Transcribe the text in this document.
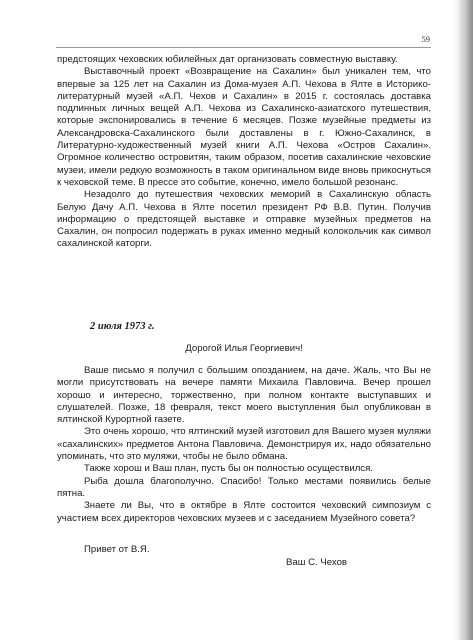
59

предстоящих чеховских юбилейных дат организовать совместную выставку.

Выставочный проект «Возвращение на Сахалин» был уникален тем, что впервые за 125 лет на Сахалин из Дома-музея А.П. Чехова в Ялте в Историко-литературный музей «А.П. Чехов и Сахалин» в 2015 г. состоялась доставка подлинных личных вещей А.П. Чехова из Сахалинско-азиатского путешествия, которые экспонировались в течение 6 месяцев. Позже музейные предметы из Александровска-Сахалинского были доставлены в г. Южно-Сахалинск, в Литературно-художественный музей книги А.П. Чехова «Остров Сахалин». Огромное количество островитян, таким образом, посетив сахалинские чеховские музеи, имели редкую возможность в таком оригинальном виде вновь прикоснуться к чеховской теме. В прессе это событие, конечно, имело большой резонанс.

Незадолго до путешествия чеховских меморий в Сахалинскую область Белую Дачу А.П. Чехова в Ялте посетил президент РФ В.В. Путин. Получив информацию о предстоящей выставке и отправке музейных предметов на Сахалин, он попросил подержать в руках именно медный колокольчик как символ сахалинской каторги.

2 июля 1973 г.
Дорогой Илья Георгиевич!

Ваше письмо я получил с большим опозданием, на даче. Жаль, что Вы не могли присутствовать на вечере памяти Михаила Павловича. Вечер прошел хорошо и интересно, торжественно, при полном контакте выступавших и слушателей. Позже, 18 февраля, текст моего выступления был опубликован в ялтинской Курортной газете.

Это очень хорошо, что ялтинский музей изготовил для Вашего музея муляжи «сахалинских» предметов Антона Павловича. Демонстрируя их, надо обязательно упоминать, что это муляжи, чтобы не было обмана.

Также хорош и Ваш план, пусть бы он полностью осуществился.

Рыба дошла благополучно. Спасибо! Только местами появились белые пятна.

Знаете ли Вы, что в октябре в Ялте состоится чеховский симпозиум с участием всех директоров чеховских музеев и с заседанием Музейного совета?

Привет от В.Я.
Ваш С. Чехов
